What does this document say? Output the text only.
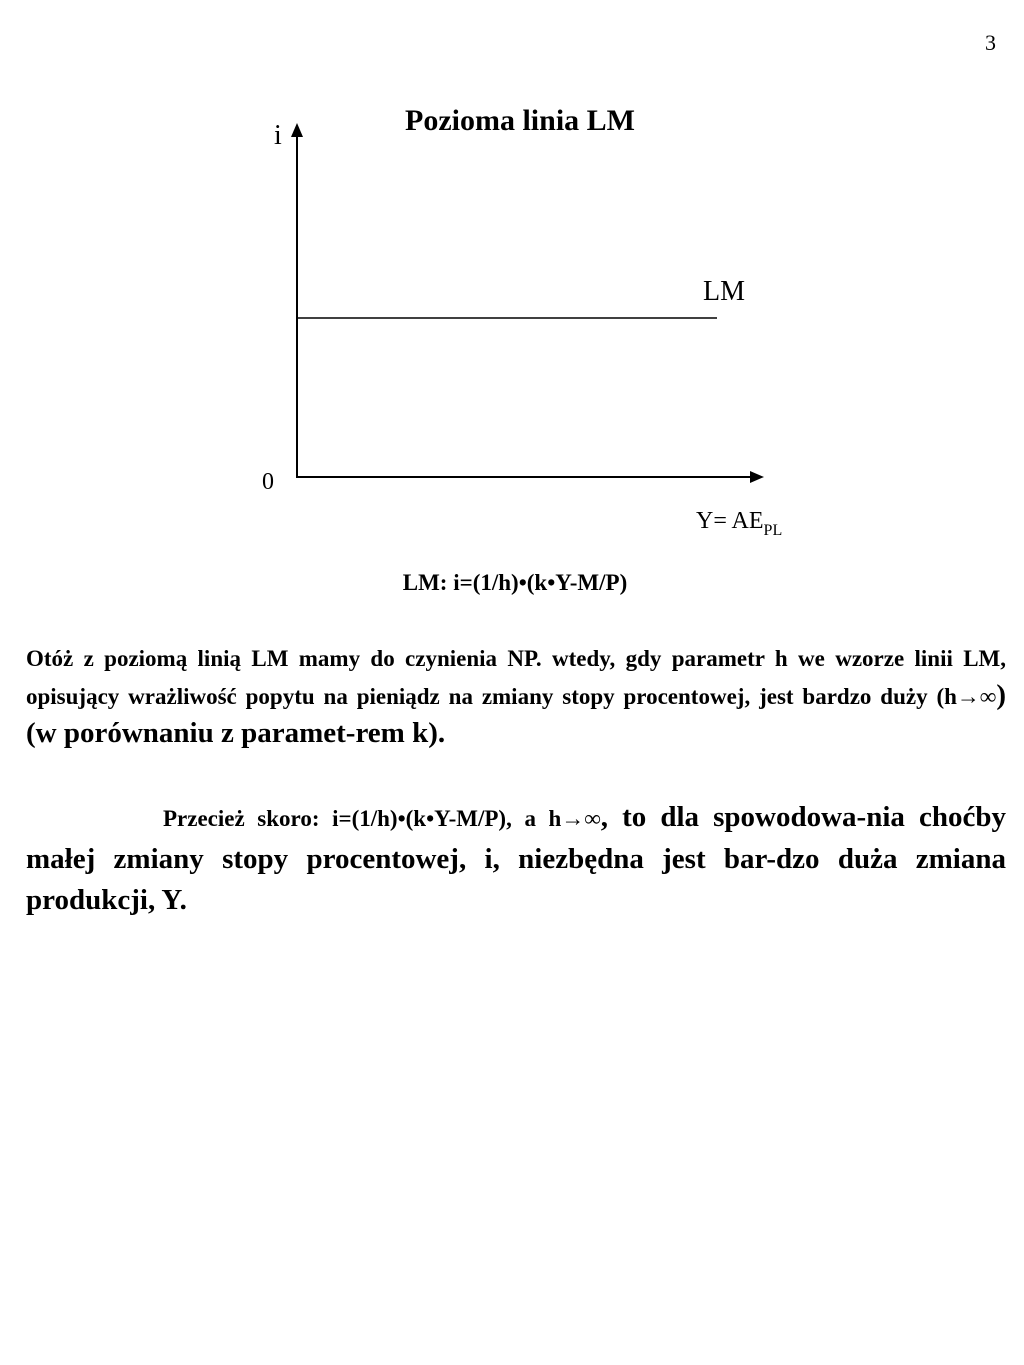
3
Pozioma linia LM
i
0
LM
$Y= AE_{PL}$
LM: i=(1/h)•(k•Y-M/P)

Otóż z poziomą linią LM mamy do czynienia NP. wtedy, gdy parametr h we wzorze linii LM, opisujący wrażliwość popytu na pieniądz na zmiany stopy procentowej, jest bardzo duży (h→∞) (w porównaniu z paramet-rem k).

Przecież skoro: i=(1/h)•(k•Y-M/P), a h→∞, to dla spowodowa-nia choćby małej zmiany stopy procentowej, i, niezbędna jest bar-dzo duża zmiana produkcji, Y.
